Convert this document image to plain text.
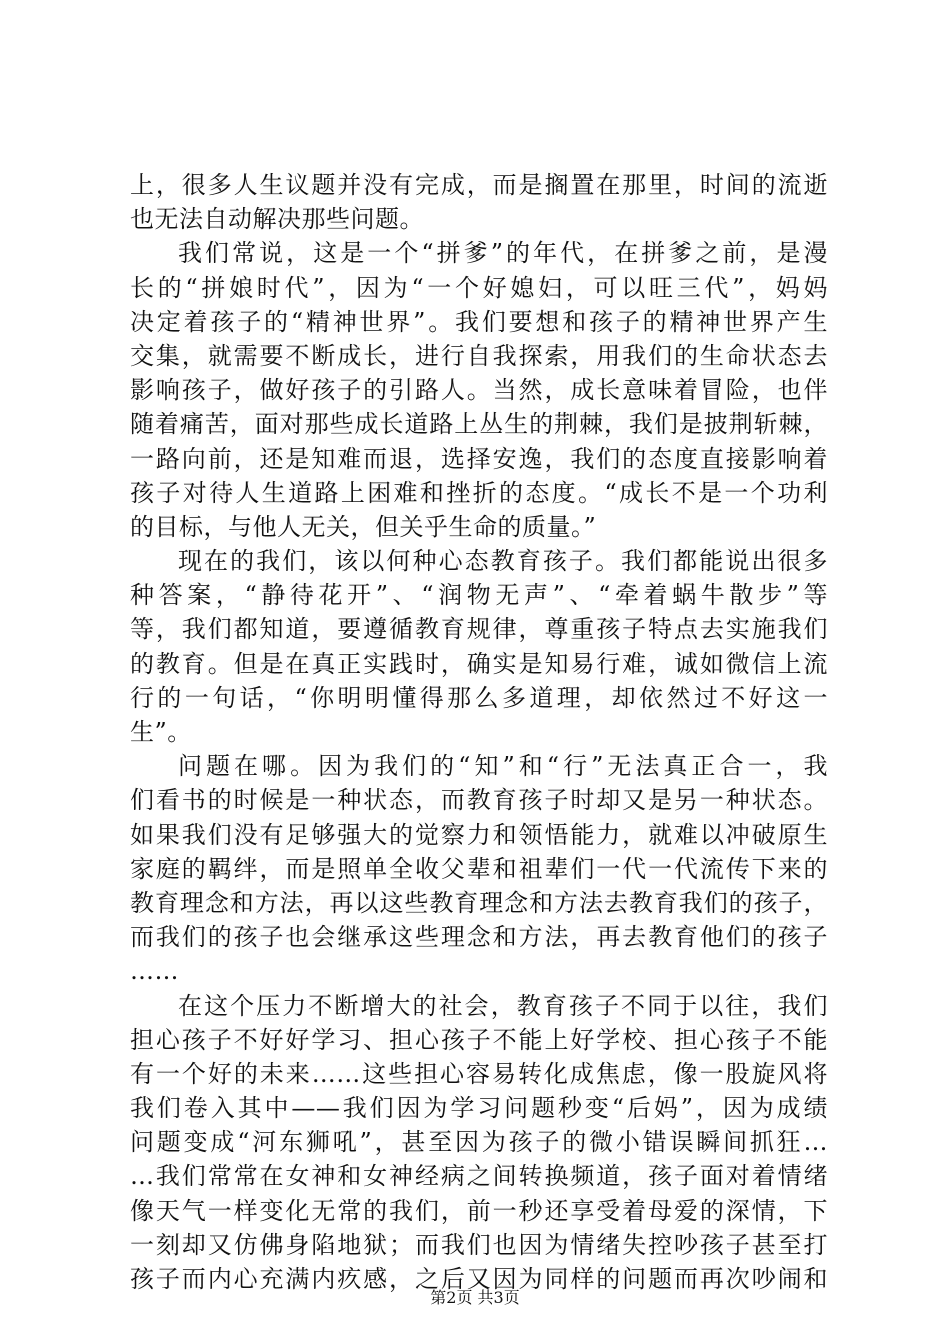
上，很多人生议题并没有完成，而是搁置在那里，时间的流逝
也无法自动解决那些问题。
我们常说，这是一个“拼爹”的年代，在拼爹之前，是漫
长的“拼娘时代”，因为“一个好媳妇，可以旺三代”，妈妈
决定着孩子的“精神世界”。我们要想和孩子的精神世界产生
交集，就需要不断成长，进行自我探索，用我们的生命状态去
影响孩子，做好孩子的引路人。当然，成长意味着冒险，也伴
随着痛苦，面对那些成长道路上丛生的荆棘，我们是披荆斩棘，
一路向前，还是知难而退，选择安逸，我们的态度直接影响着
孩子对待人生道路上困难和挫折的态度。“成长不是一个功利
的目标，与他人无关，但关乎生命的质量。”
现在的我们，该以何种心态教育孩子。我们都能说出很多
种答案，“静待花开”、“润物无声”、“牵着蜗牛散步”等
等，我们都知道，要遵循教育规律，尊重孩子特点去实施我们
的教育。但是在真正实践时，确实是知易行难，诚如微信上流
行的一句话，“你明明懂得那么多道理，却依然过不好这一
生”。
问题在哪。因为我们的“知”和“行”无法真正合一，我
们看书的时候是一种状态，而教育孩子时却又是另一种状态。
如果我们没有足够强大的觉察力和领悟能力，就难以冲破原生
家庭的羁绊，而是照单全收父辈和祖辈们一代一代流传下来的
教育理念和方法，再以这些教育理念和方法去教育我们的孩子，
而我们的孩子也会继承这些理念和方法，再去教育他们的孩子
……
在这个压力不断增大的社会，教育孩子不同于以往，我们
担心孩子不好好学习、担心孩子不能上好学校、担心孩子不能
有一个好的未来……这些担心容易转化成焦虑，像一股旋风将
我们卷入其中——我们因为学习问题秒变“后妈”，因为成绩
问题变成“河东狮吼”，甚至因为孩子的微小错误瞬间抓狂…
…我们常常在女神和女神经病之间转换频道，孩子面对着情绪
像天气一样变化无常的我们，前一秒还享受着母爱的深情，下
一刻却又仿佛身陷地狱；而我们也因为情绪失控吵孩子甚至打
孩子而内心充满内疚感，之后又因为同样的问题而再次吵闹和
第2页 共3页
